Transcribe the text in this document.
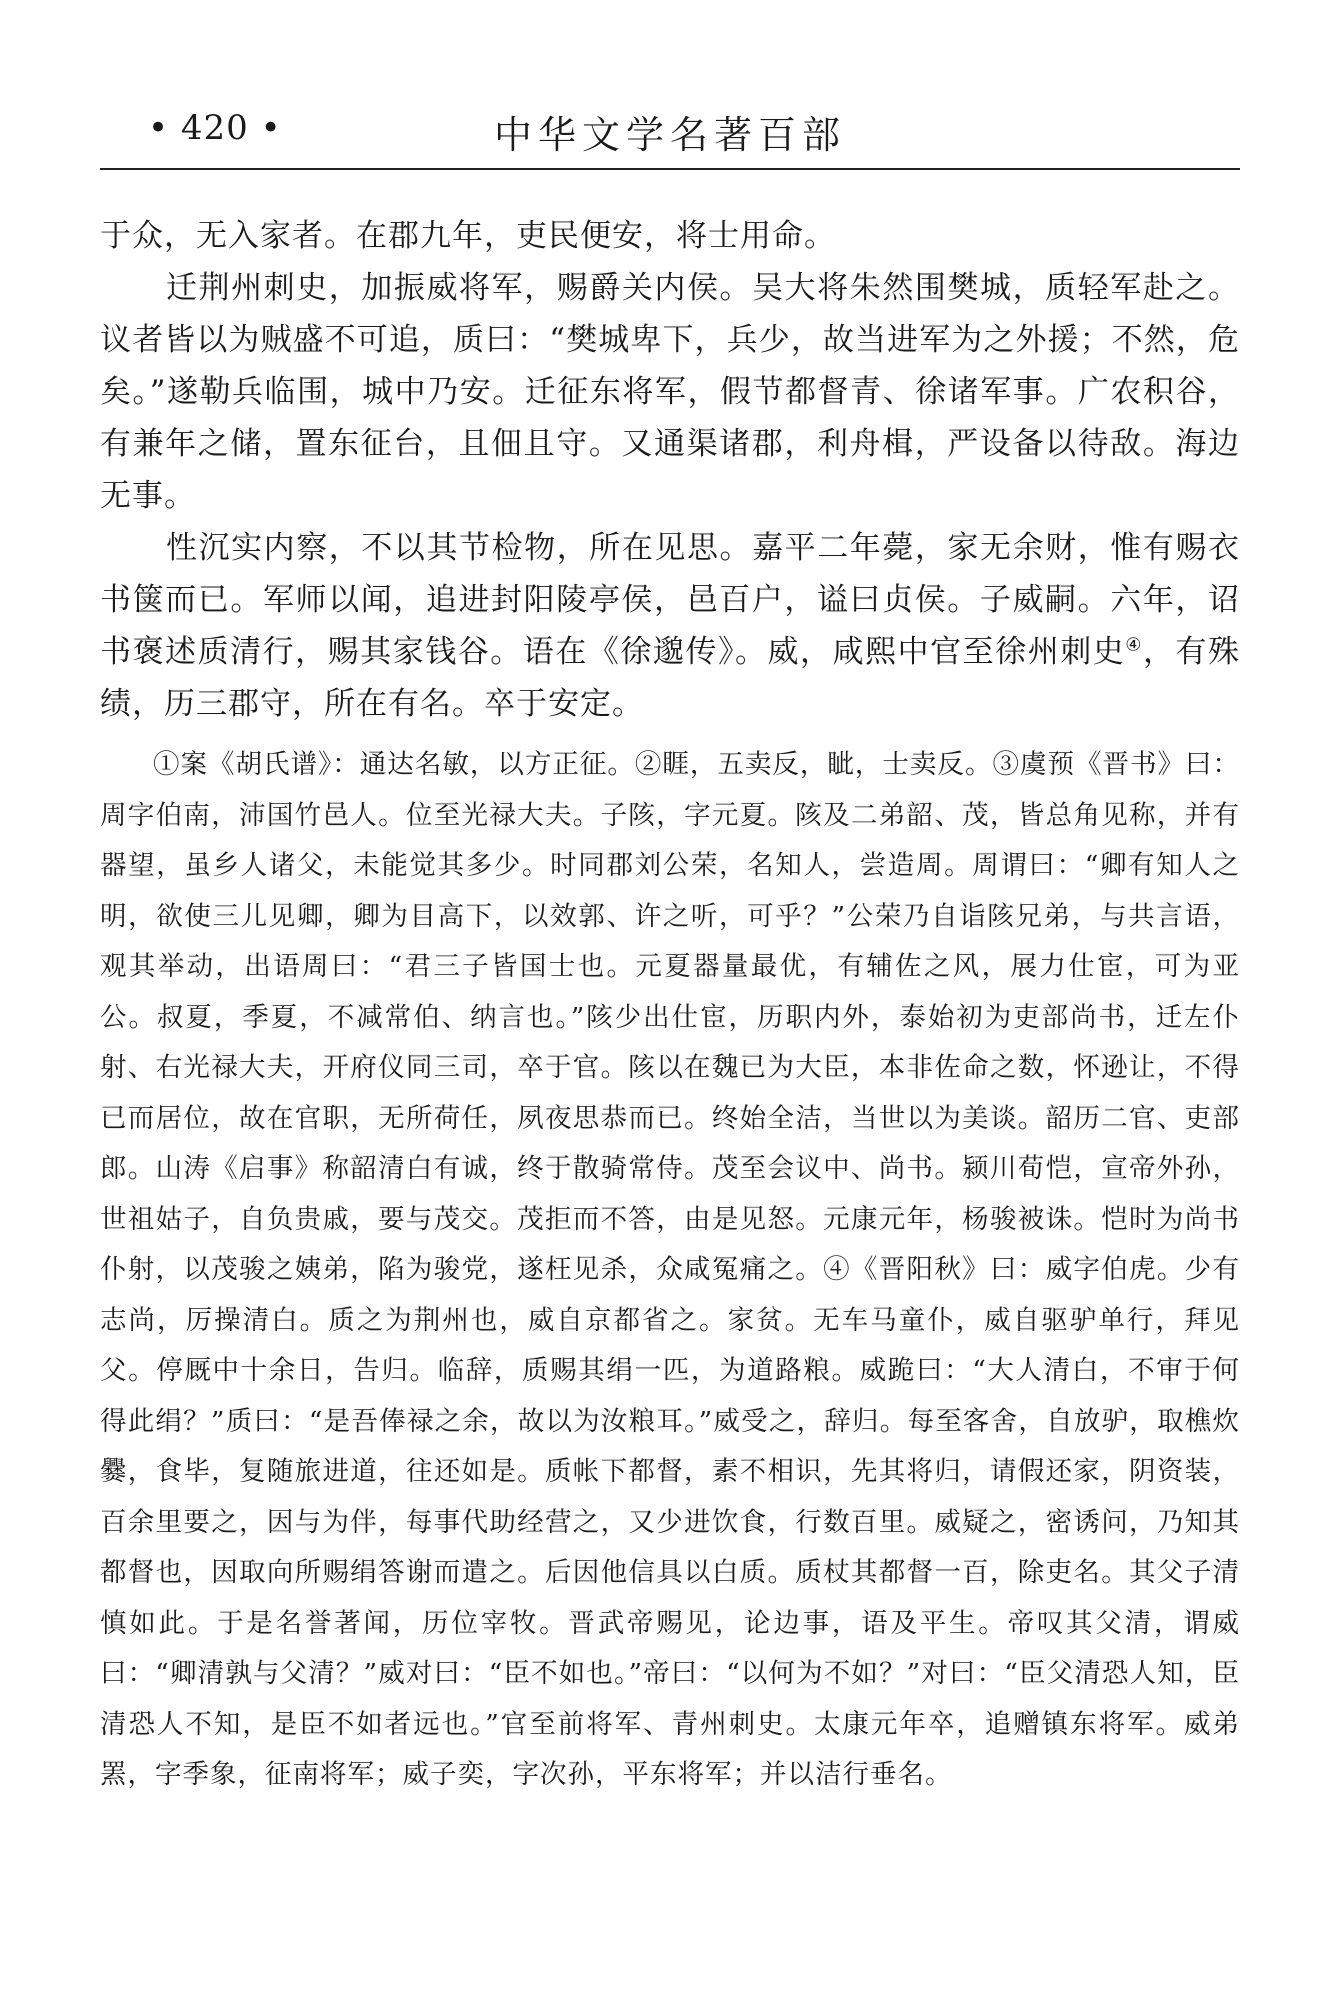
• 420 •	中华文学名著百部

于众，无入家者。在郡九年，吏民便安，将士用命。

迁荆州刺史，加振威将军，赐爵关内侯。吴大将朱然围樊城，质轻军赴之。议者皆以为贼盛不可追，质曰：“樊城卑下，兵少，故当进军为之外援；不然，危矣。”遂勒兵临围，城中乃安。迁征东将军，假节都督青、徐诸军事。广农积谷，有兼年之储，置东征台，且佃且守。又通渠诸郡，利舟楫，严设备以待敌。海边无事。

性沉实内察，不以其节检物，所在见思。嘉平二年薨，家无余财，惟有赐衣书箧而已。军师以闻，追进封阳陵亭侯，邑百户，谥曰贞侯。子威嗣。六年，诏书褒述质清行，赐其家钱谷。语在《徐邈传》。威，咸熙中官至徐州刺史④，有殊绩，历三郡守，所在有名。卒于安定。

①案《胡氏谱》：通达名敏，以方正征。②睚，五卖反，眦，士卖反。③虞预《晋书》曰：周字伯南，沛国竹邑人。位至光禄大夫。子陔，字元夏。陔及二弟韶、茂，皆总角见称，并有器望，虽乡人诸父，未能觉其多少。时同郡刘公荣，名知人，尝造周。周谓曰：“卿有知人之明，欲使三儿见卿，卿为目高下，以效郭、许之听，可乎？”公荣乃自诣陔兄弟，与共言语，观其举动，出语周曰：“君三子皆国士也。元夏器量最优，有辅佐之风，展力仕宦，可为亚公。叔夏，季夏，不减常伯、纳言也。”陔少出仕宦，历职内外，泰始初为吏部尚书，迁左仆射、右光禄大夫，开府仪同三司，卒于官。陔以在魏已为大臣，本非佐命之数，怀逊让，不得已而居位，故在官职，无所荷任，夙夜思恭而已。终始全洁，当世以为美谈。韶历二官、吏部郎。山涛《启事》称韶清白有诚，终于散骑常侍。茂至会议中、尚书。颍川荀恺，宣帝外孙，世祖姑子，自负贵戚，要与茂交。茂拒而不答，由是见怒。元康元年，杨骏被诛。恺时为尚书仆射，以茂骏之姨弟，陷为骏党，遂枉见杀，众咸冤痛之。④《晋阳秋》曰：威字伯虎。少有志尚，厉操清白。质之为荆州也，威自京都省之。家贫。无车马童仆，威自驱驴单行，拜见父。停厩中十余日，告归。临辞，质赐其绢一匹，为道路粮。威跪曰：“大人清白，不审于何得此绢？”质曰：“是吾俸禄之余，故以为汝粮耳。”威受之，辞归。每至客舍，自放驴，取樵炊爨，食毕，复随旅进道，往还如是。质帐下都督，素不相识，先其将归，请假还家，阴资装，百余里要之，因与为伴，每事代助经营之，又少进饮食，行数百里。威疑之，密诱问，乃知其都督也，因取向所赐绢答谢而遣之。后因他信具以白质。质杖其都督一百，除吏名。其父子清慎如此。于是名誉著闻，历位宰牧。晋武帝赐见，论边事，语及平生。帝叹其父清，谓威曰：“卿清孰与父清？”威对曰：“臣不如也。”帝曰：“以何为不如？”对曰：“臣父清恐人知，臣清恐人不知，是臣不如者远也。”官至前将军、青州刺史。太康元年卒，追赠镇东将军。威弟罴，字季象，征南将军；威子奕，字次孙，平东将军；并以洁行垂名。
